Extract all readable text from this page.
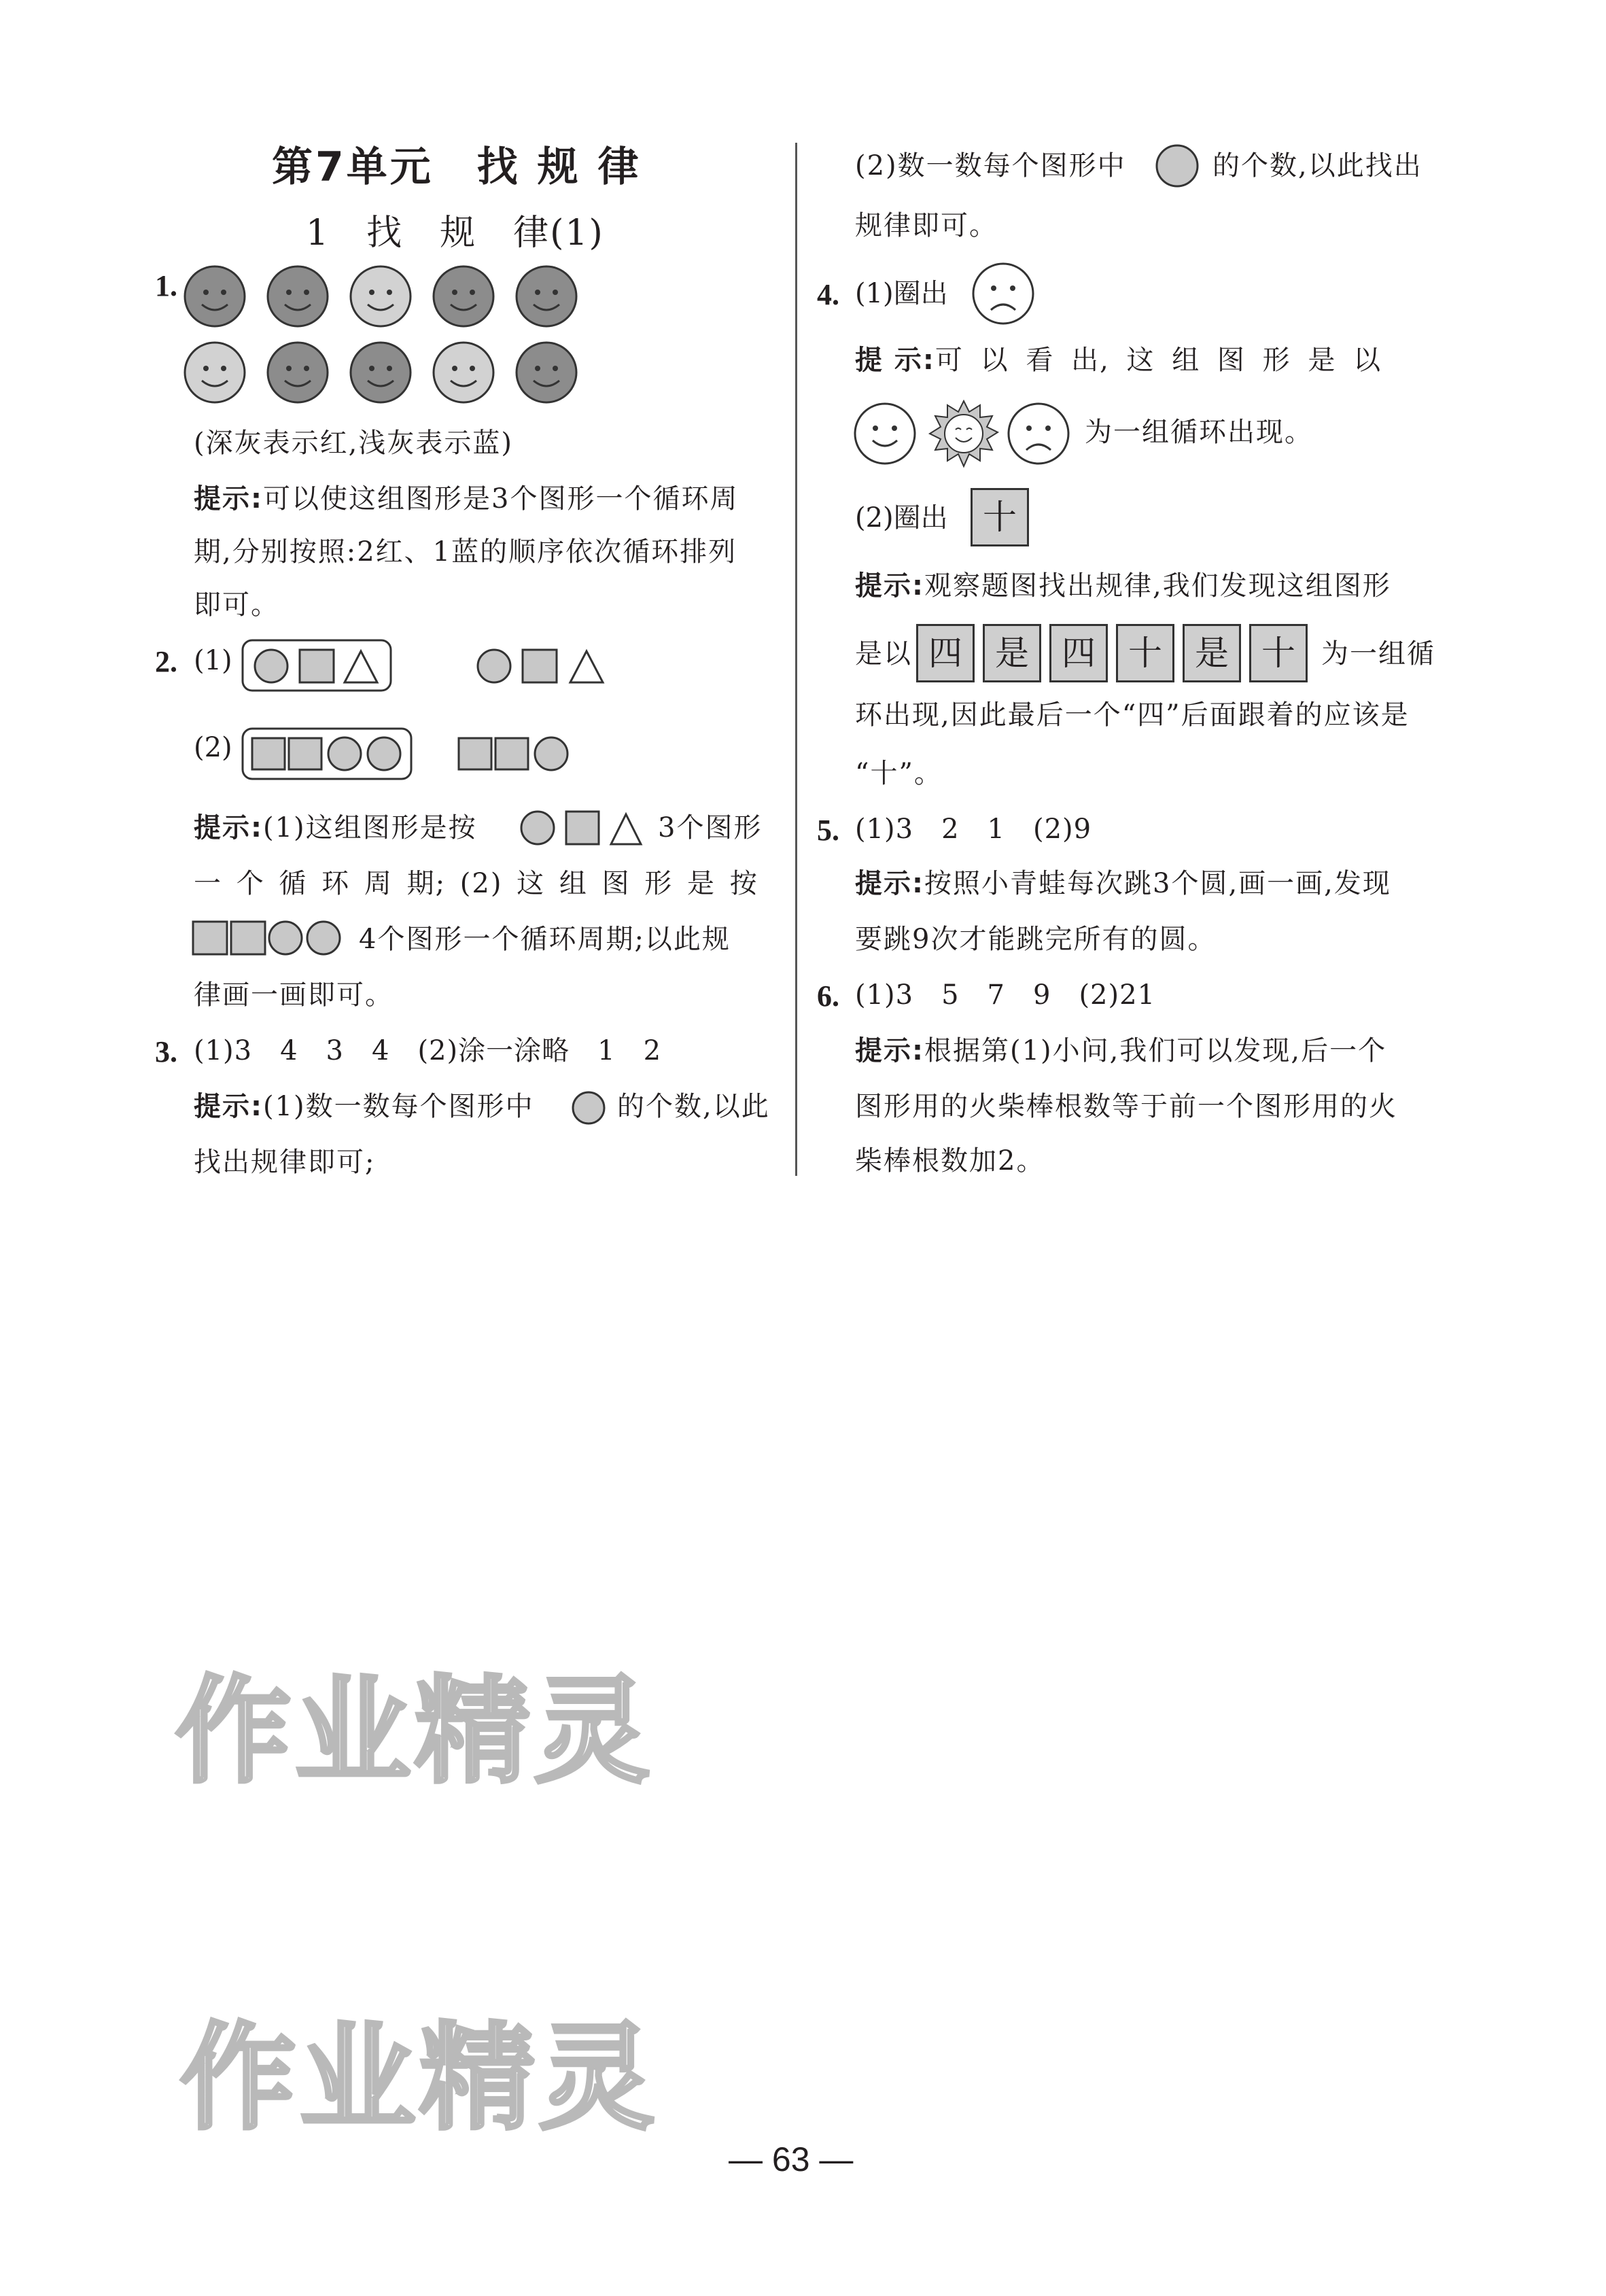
第7单元　找 规 律
1　找　规　律(1)
1.
(深灰表示红,浅灰表示蓝)
提示:可以使这组图形是3个图形一个循环周
期,分别按照:2红、1蓝的顺序依次循环排列
即可。
2. (1)
(2)
提示:(1)这组图形是按	3个图形
一 个 循 环 周 期; (2) 这 组 图 形 是 按
4个图形一个循环周期;以此规
律画一画即可。
3. (1)3　4　3　4　(2)涂一涂略　1　2
提示:(1)数一数每个图形中	的个数,以此
找出规律即可;
(2)数一数每个图形中	的个数,以此找出
规律即可。
4. (1)圈出
提 示:可 以 看 出, 这 组 图 形 是 以
为一组循环出现。
(2)圈出	十
提示:观察题图找出规律,我们发现这组图形
是以 四 是 四 十 是 十 为一组循
环出现,因此最后一个“四”后面跟着的应该是
“十”。
5. (1)3　2　1　(2)9
提示:按照小青蛙每次跳3个圆,画一画,发现
要跳9次才能跳完所有的圆。
6. (1)3　5　7　9　(2)21
提示:根据第(1)小问,我们可以发现,后一个
图形用的火柴棒根数等于前一个图形用的火
柴棒根数加2。
作业精灵
作业精灵
— 63 —
